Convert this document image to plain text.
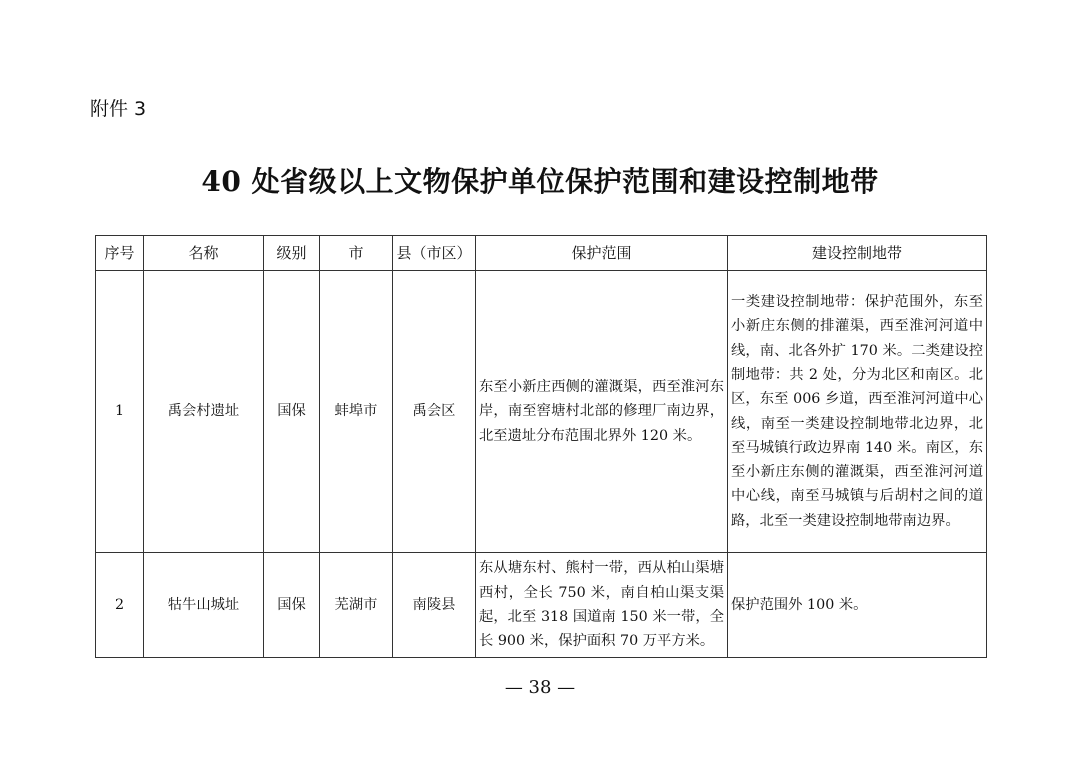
附件 3
40 处省级以上文物保护单位保护范围和建设控制地带
序号	名称	级别	市	县（市区）	保护范围	建设控制地带
1	禹会村遗址	国保	蚌埠市	禹会区	东至小新庄西侧的灌溉渠，西至淮河东岸，南至窖塘村北部的修理厂南边界，北至遗址分布范围北界外 120 米。	一类建设控制地带：保护范围外，东至小新庄东侧的排灌渠，西至淮河河道中线，南、北各外扩 170 米。二类建设控制地带：共 2 处，分为北区和南区。北区，东至 006 乡道，西至淮河河道中心线，南至一类建设控制地带北边界，北至马城镇行政边界南 140 米。南区，东至小新庄东侧的灌溉渠，西至淮河河道中心线，南至马城镇与后胡村之间的道路，北至一类建设控制地带南边界。
2	牯牛山城址	国保	芜湖市	南陵县	东从塘东村、熊村一带，西从柏山渠塘西村，全长 750 米，南自柏山渠支渠起，北至 318 国道南 150 米一带，全长 900 米，保护面积 70 万平方米。	保护范围外 100 米。
— 38 —
